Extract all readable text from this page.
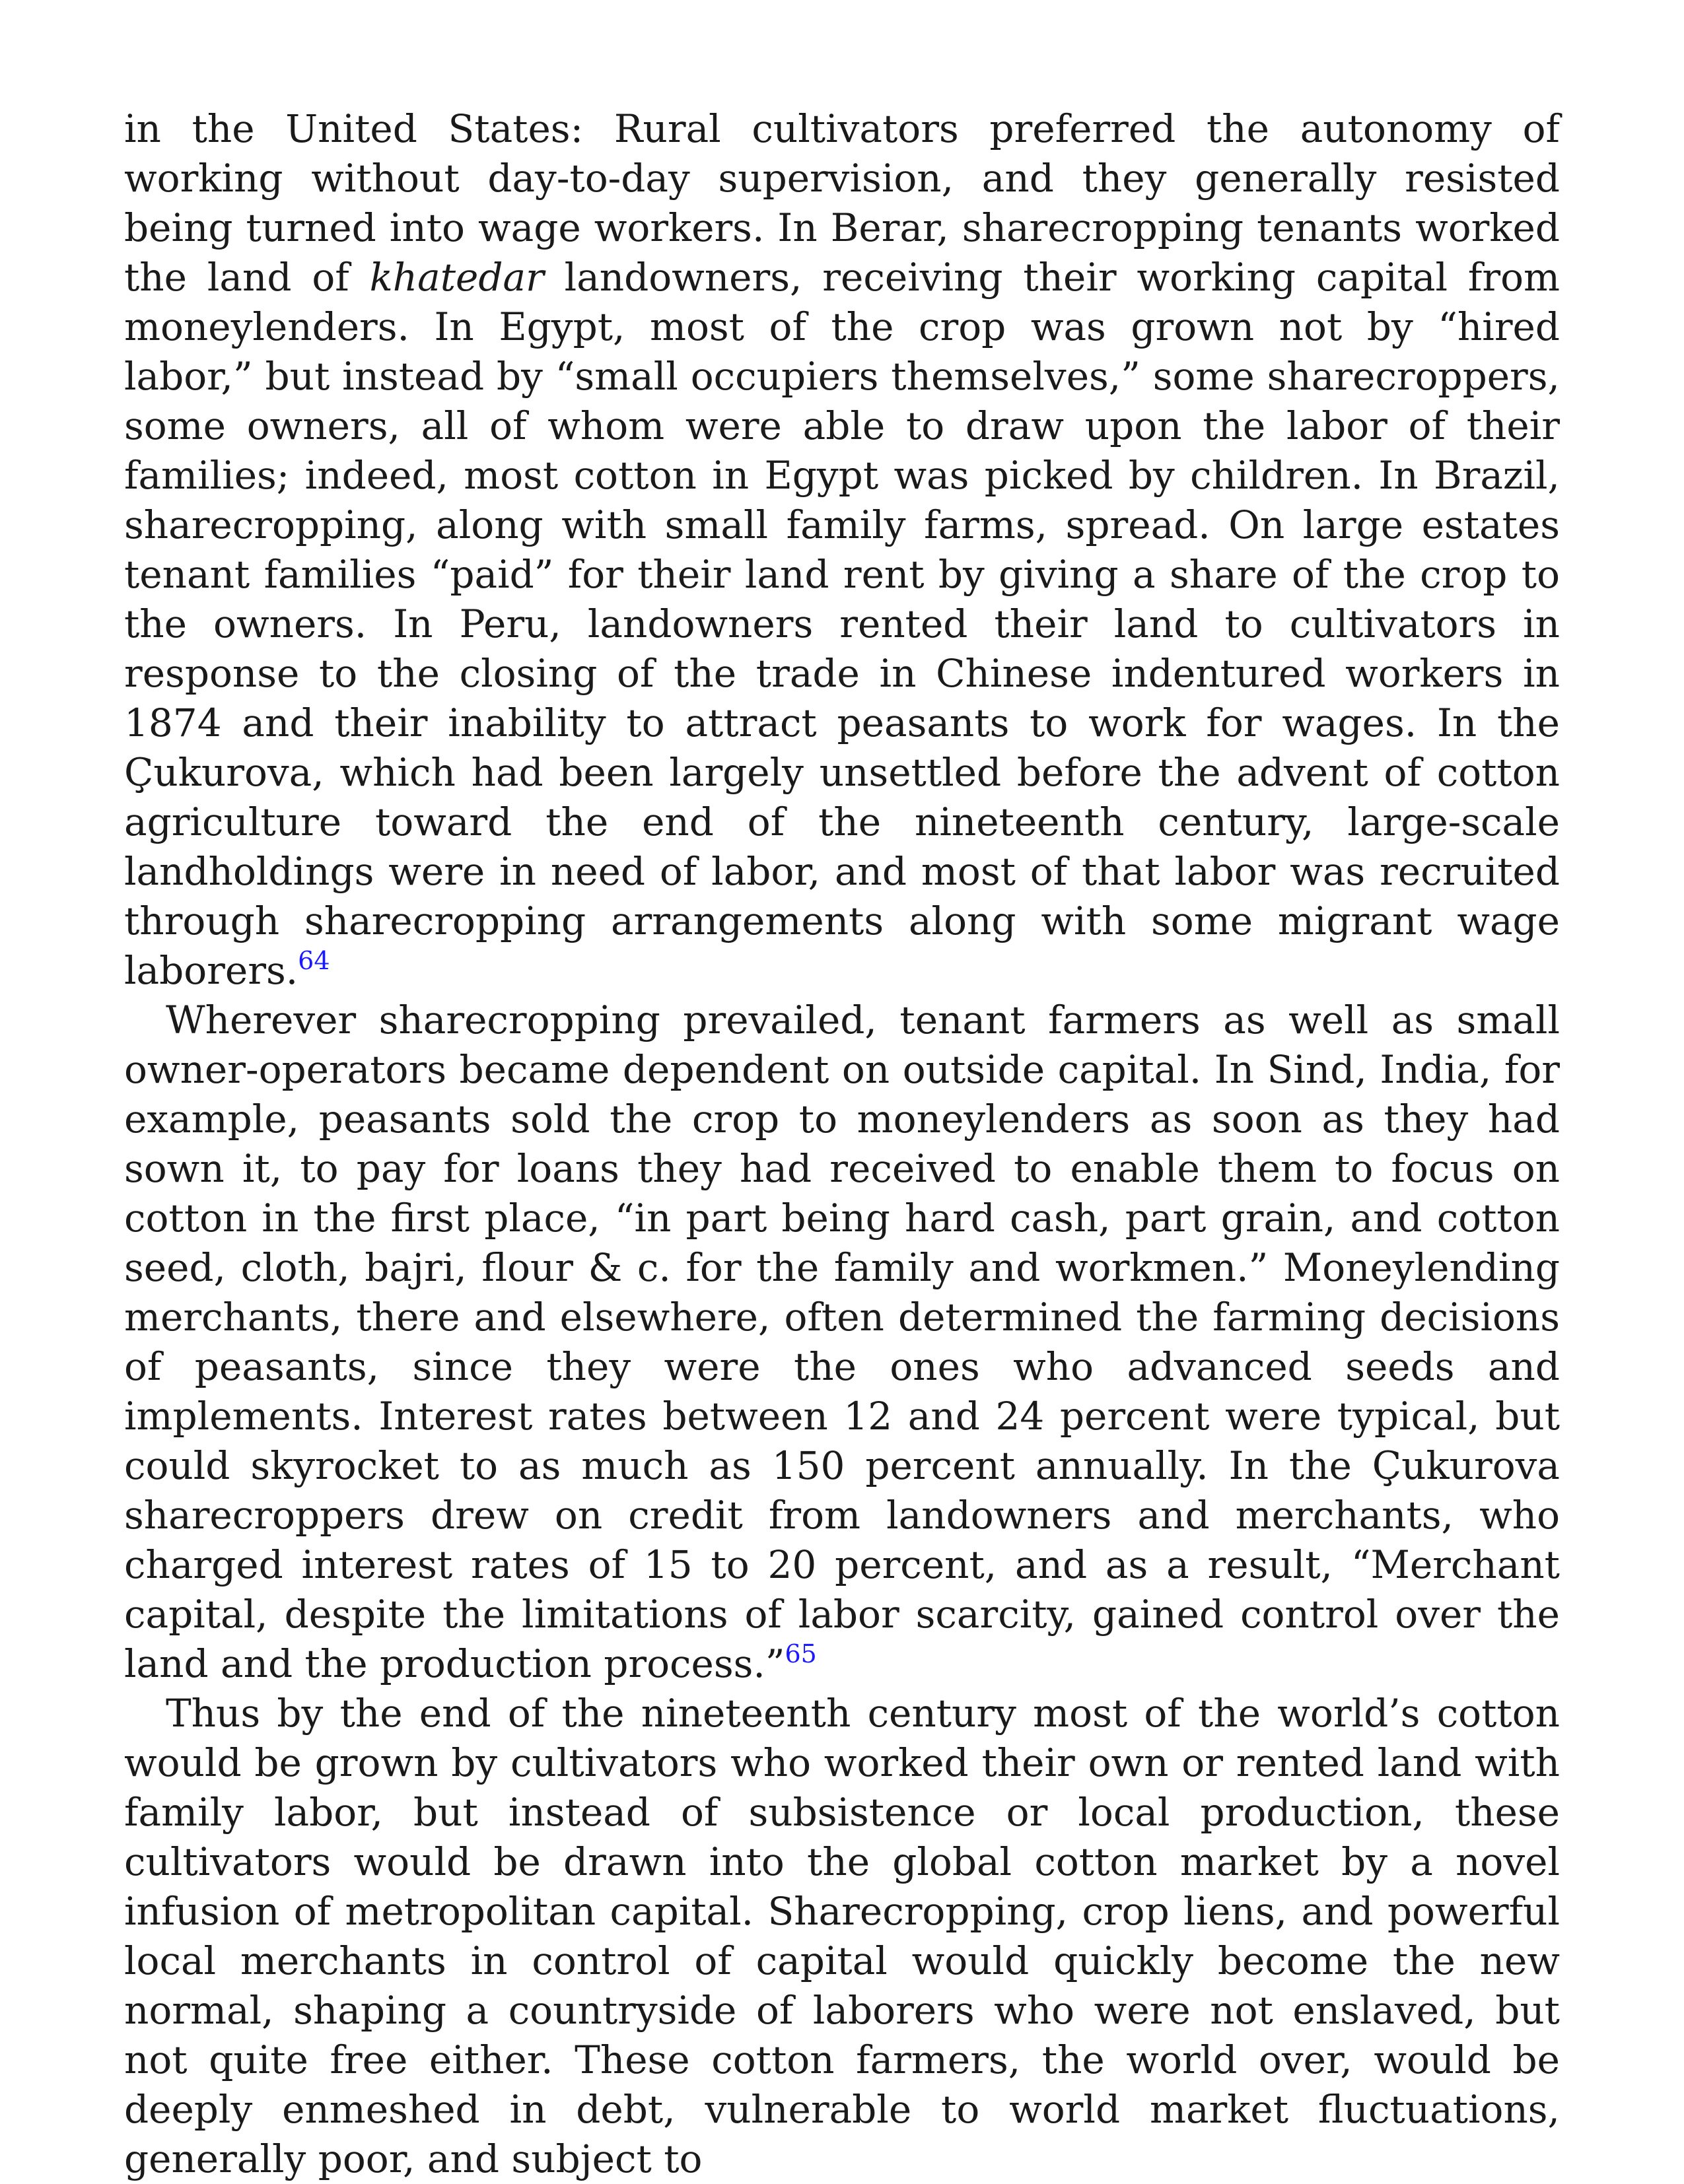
in the United States: Rural cultivators preferred the autonomy of working without day-to-day supervision, and they generally resisted being turned into wage workers. In Berar, sharecropping tenants worked the land of khatedar landowners, receiving their working capital from moneylenders. In Egypt, most of the crop was grown not by “hired labor,” but instead by “small occupiers themselves,” some sharecroppers, some owners, all of whom were able to draw upon the labor of their families; indeed, most cotton in Egypt was picked by children. In Brazil, sharecropping, along with small family farms, spread. On large estates tenant families “paid” for their land rent by giving a share of the crop to the owners. In Peru, landowners rented their land to cultivators in response to the closing of the trade in Chinese indentured workers in 1874 and their inability to attract peasants to work for wages. In the Çukurova, which had been largely unsettled before the advent of cotton agriculture toward the end of the nineteenth century, large-scale landholdings were in need of labor, and most of that labor was recruited through sharecropping arrangements along with some migrant wage laborers.$^{64}$

Wherever sharecropping prevailed, tenant farmers as well as small owner-operators became dependent on outside capital. In Sind, India, for example, peasants sold the crop to moneylenders as soon as they had sown it, to pay for loans they had received to enable them to focus on cotton in the first place, “in part being hard cash, part grain, and cotton seed, cloth, bajri, flour & c. for the family and workmen.” Moneylending merchants, there and elsewhere, often determined the farming decisions of peasants, since they were the ones who advanced seeds and implements. Interest rates between 12 and 24 percent were typical, but could skyrocket to as much as 150 percent annually. In the Çukurova sharecroppers drew on credit from landowners and merchants, who charged interest rates of 15 to 20 percent, and as a result, “Merchant capital, despite the limitations of labor scarcity, gained control over the land and the production process.”$^{65}$

Thus by the end of the nineteenth century most of the world’s cotton would be grown by cultivators who worked their own or rented land with family labor, but instead of subsistence or local production, these cultivators would be drawn into the global cotton market by a novel infusion of metropolitan capital. Sharecropping, crop liens, and powerful local merchants in control of capital would quickly become the new normal, shaping a countryside of laborers who were not enslaved, but not quite free either. These cotton farmers, the world over, would be deeply enmeshed in debt, vulnerable to world market fluctuations, generally poor, and subject to
